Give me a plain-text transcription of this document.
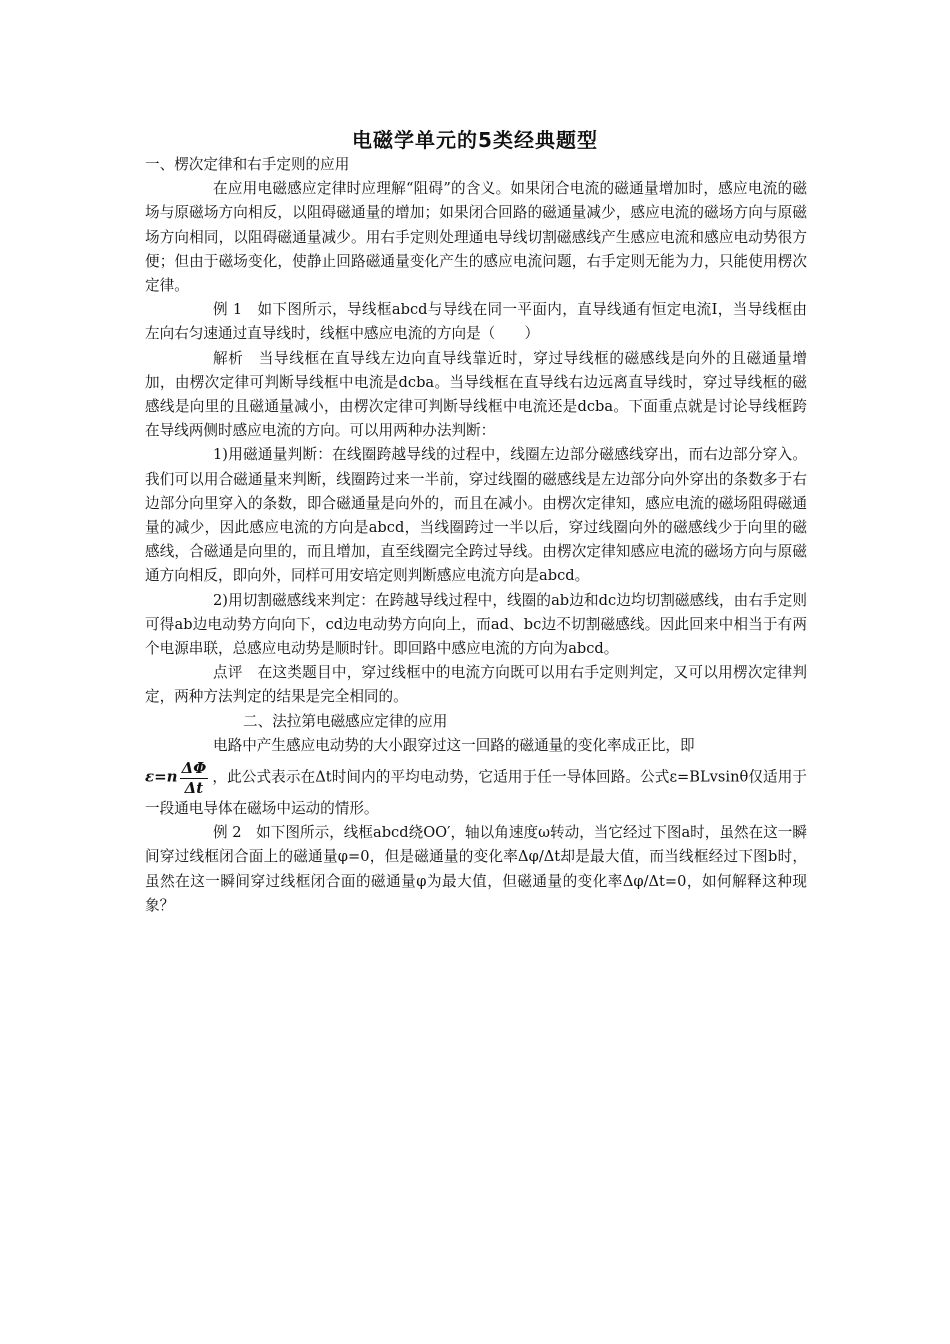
电磁学单元的5类经典题型

一、楞次定律和右手定则的应用

在应用电磁感应定律时应理解“阻碍”的含义。如果闭合电流的磁通量增加时，感应电流的磁场与原磁场方向相反，以阻碍磁通量的增加；如果闭合回路的磁通量减少，感应电流的磁场方向与原磁场方向相同，以阻碍磁通量减少。用右手定则处理通电导线切割磁感线产生感应电流和感应电动势很方便；但由于磁场变化，使静止回路磁通量变化产生的感应电流问题，右手定则无能为力，只能使用楞次定律。

例 1　如下图所示，导线框abcd与导线在同一平面内，直导线通有恒定电流I，当导线框由左向右匀速通过直导线时，线框中感应电流的方向是（　　）

解析　当导线框在直导线左边向直导线靠近时，穿过导线框的磁感线是向外的且磁通量增加，由楞次定律可判断导线框中电流是dcba。当导线框在直导线右边远离直导线时，穿过导线框的磁感线是向里的且磁通量减小，由楞次定律可判断导线框中电流还是dcba。下面重点就是讨论导线框跨在导线两侧时感应电流的方向。可以用两种办法判断：

1)用磁通量判断：在线圈跨越导线的过程中，线圈左边部分磁感线穿出，而右边部分穿入。我们可以用合磁通量来判断，线圈跨过来一半前，穿过线圈的磁感线是左边部分向外穿出的条数多于右边部分向里穿入的条数，即合磁通量是向外的，而且在减小。由楞次定律知，感应电流的磁场阻碍磁通量的减少，因此感应电流的方向是abcd，当线圈跨过一半以后，穿过线圈向外的磁感线少于向里的磁感线，合磁通是向里的，而且增加，直至线圈完全跨过导线。由楞次定律知感应电流的磁场方向与原磁通方向相反，即向外，同样可用安培定则判断感应电流方向是abcd。

2)用切割磁感线来判定：在跨越导线过程中，线圈的ab边和dc边均切割磁感线，由右手定则可得ab边电动势方向向下，cd边电动势方向向上，而ad、bc边不切割磁感线。因此回来中相当于有两个电源串联，总感应电动势是顺时针。即回路中感应电流的方向为abcd。

点评　在这类题目中，穿过线框中的电流方向既可以用右手定则判定，又可以用楞次定律判定，两种方法判定的结果是完全相同的。

二、法拉第电磁感应定律的应用

电路中产生感应电动势的大小跟穿过这一回路的磁通量的变化率成正比，即

$\varepsilon=n \frac{\Delta\Phi}{\Delta t}$ ，此公式表示在Δt时间内的平均电动势，它适用于任一导体回路。公式ε=BLvsinθ仅适用于一段通电导体在磁场中运动的情形。

例 2　如下图所示，线框abcd绕OO′，轴以角速度ω转动，当它经过下图a时，虽然在这一瞬间穿过线框闭合面上的磁通量φ=0，但是磁通量的变化率Δφ/Δt却是最大值，而当线框经过下图b时，虽然在这一瞬间穿过线框闭合面的磁通量φ为最大值，但磁通量的变化率Δφ/Δt=0，如何解释这种现象？
